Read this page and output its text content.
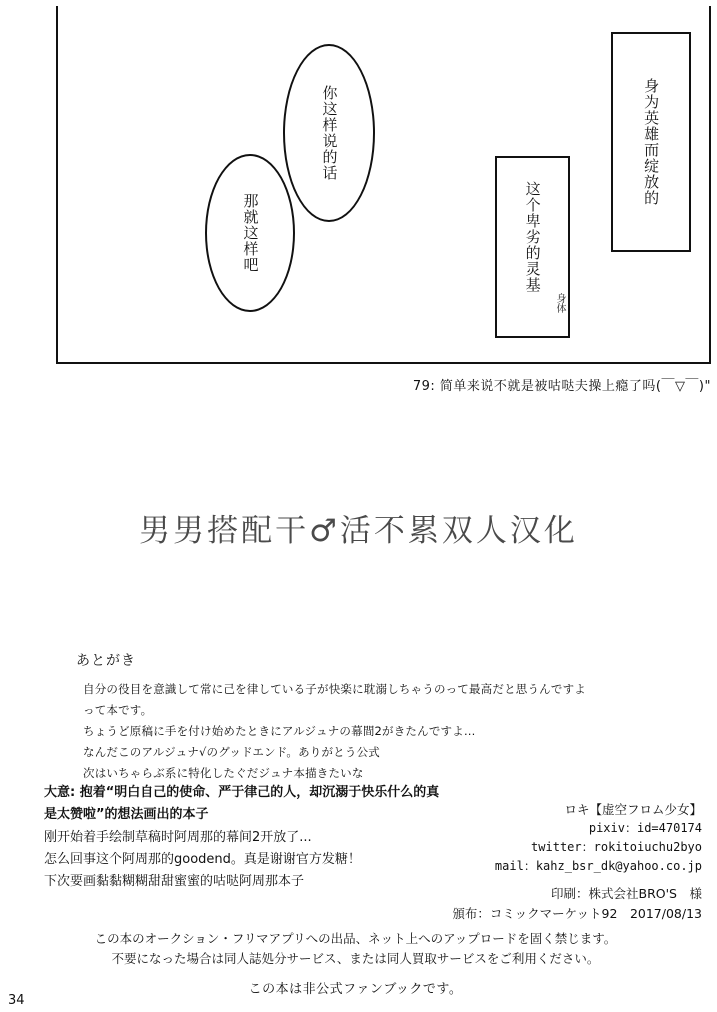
身为英雄而绽放的
这个卑劣的灵基
身体
你这样说的话
那就这样吧
79: 简单来说不就是被咕哒夫操上瘾了吗(￣▽￣)"
男男搭配干♂活不累双人汉化
あとがき
自分の役目を意識して常に己を律している子が快楽に耽溺しちゃうのって最高だと思うんですよ
って本です。
ちょうど原稿に手を付け始めたときにアルジュナの幕間2がきたんですよ…
なんだこのアルジュナ√のグッドエンド。ありがとう公式
次はいちゃらぶ系に特化したぐだジュナ本描きたいな
大意: 抱着“明白自己的使命、严于律己的人，却沉溺于快乐什么的真
是太赞啦”的想法画出的本子
刚开始着手绘制草稿时阿周那的幕间2开放了...
怎么回事这个阿周那的goodend。真是谢谢官方发糖！
下次要画黏黏糊糊甜甜蜜蜜的咕哒阿周那本子
ロキ【虚空フロム少女】
pixiv：id=470174
twitter：rokitoiuchu2byo
mail：kahz_bsr_dk@yahoo.co.jp
印刷：株式会社BRO'S　様
頒布：コミックマーケット92　2017/08/13
この本のオークション・フリマアプリへの出品、ネット上へのアップロードを固く禁じます。
不要になった場合は同人誌処分サービス、または同人買取サービスをご利用ください。
この本は非公式ファンブックです。
34
